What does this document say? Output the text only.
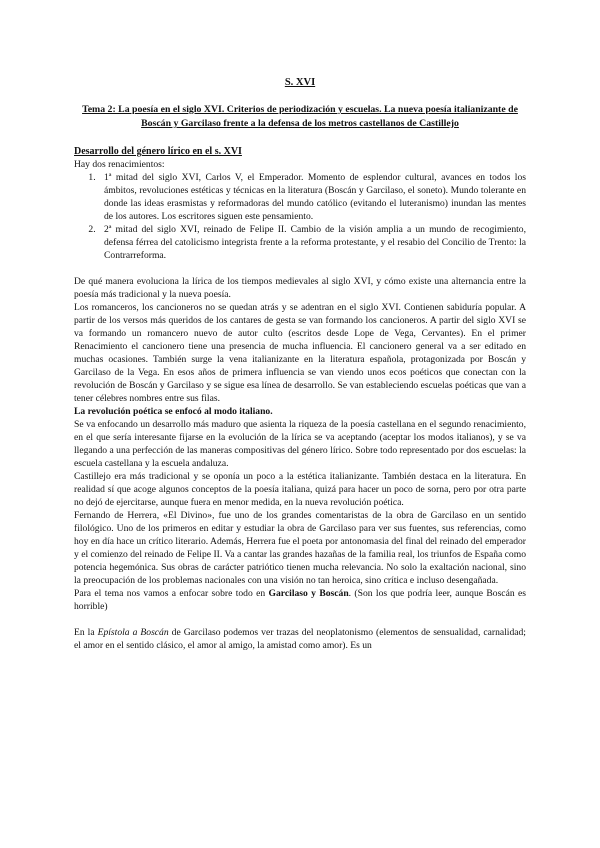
S. XVI
Tema 2: La poesía en el siglo XVI. Criterios de periodización y escuelas. La nueva poesía italianizante de Boscán y Garcilaso frente a la defensa de los metros castellanos de Castillejo

Desarrollo del género lírico en el s. XVI

Hay dos renacimientos:

1. 1ª mitad del siglo XVI, Carlos V, el Emperador. Momento de esplendor cultural, avances en todos los ámbitos, revoluciones estéticas y técnicas en la literatura (Boscán y Garcilaso, el soneto). Mundo tolerante en donde las ideas erasmistas y reformadoras del mundo católico (evitando el luteranismo) inundan las mentes de los autores. Los escritores siguen este pensamiento.
2. 2ª mitad del siglo XVI, reinado de Felipe II. Cambio de la visión amplia a un mundo de recogimiento, defensa férrea del catolicismo integrista frente a la reforma protestante, y el resabio del Concilio de Trento: la Contrarreforma.

De qué manera evoluciona la lírica de los tiempos medievales al siglo XVI, y cómo existe una alternancia entre la poesía más tradicional y la nueva poesía.

Los romanceros, los cancioneros no se quedan atrás y se adentran en el siglo XVI. Contienen sabiduría popular. A partir de los versos más queridos de los cantares de gesta se van formando los cancioneros. A partir del siglo XVI se va formando un romancero nuevo de autor culto (escritos desde Lope de Vega, Cervantes). En el primer Renacimiento el cancionero tiene una presencia de mucha influencia. El cancionero general va a ser editado en muchas ocasiones. También surge la vena italianizante en la literatura española, protagonizada por Boscán y Garcilaso de la Vega. En esos años de primera influencia se van viendo unos ecos poéticos que conectan con la revolución de Boscán y Garcilaso y se sigue esa línea de desarrollo. Se van estableciendo escuelas poéticas que van a tener célebres nombres entre sus filas.

La revolución poética se enfocó al modo italiano.

Se va enfocando un desarrollo más maduro que asienta la riqueza de la poesía castellana en el segundo renacimiento, en el que sería interesante fijarse en la evolución de la lírica se va aceptando (aceptar los modos italianos), y se va llegando a una perfección de las maneras compositivas del género lírico. Sobre todo representado por dos escuelas: la escuela castellana y la escuela andaluza.

Castillejo era más tradicional y se oponía un poco a la estética italianizante. También destaca en la literatura. En realidad sí que acoge algunos conceptos de la poesía italiana, quizá para hacer un poco de sorna, pero por otra parte no dejó de ejercitarse, aunque fuera en menor medida, en la nueva revolución poética.

Fernando de Herrera, «El Divino», fue uno de los grandes comentaristas de la obra de Garcilaso en un sentido filológico. Uno de los primeros en editar y estudiar la obra de Garcilaso para ver sus fuentes, sus referencias, como hoy en día hace un crítico literario. Además, Herrera fue el poeta por antonomasia del final del reinado del emperador y el comienzo del reinado de Felipe II. Va a cantar las grandes hazañas de la familia real, los triunfos de España como potencia hegemónica. Sus obras de carácter patriótico tienen mucha relevancia. No solo la exaltación nacional, sino la preocupación de los problemas nacionales con una visión no tan heroica, sino crítica e incluso desengañada.

Para el tema nos vamos a enfocar sobre todo en Garcilaso y Boscán. (Son los que podría leer, aunque Boscán es horrible)

En la Epístola a Boscán de Garcilaso podemos ver trazas del neoplatonismo (elementos de sensualidad, carnalidad; el amor en el sentido clásico, el amor al amigo, la amistad como amor). Es un
